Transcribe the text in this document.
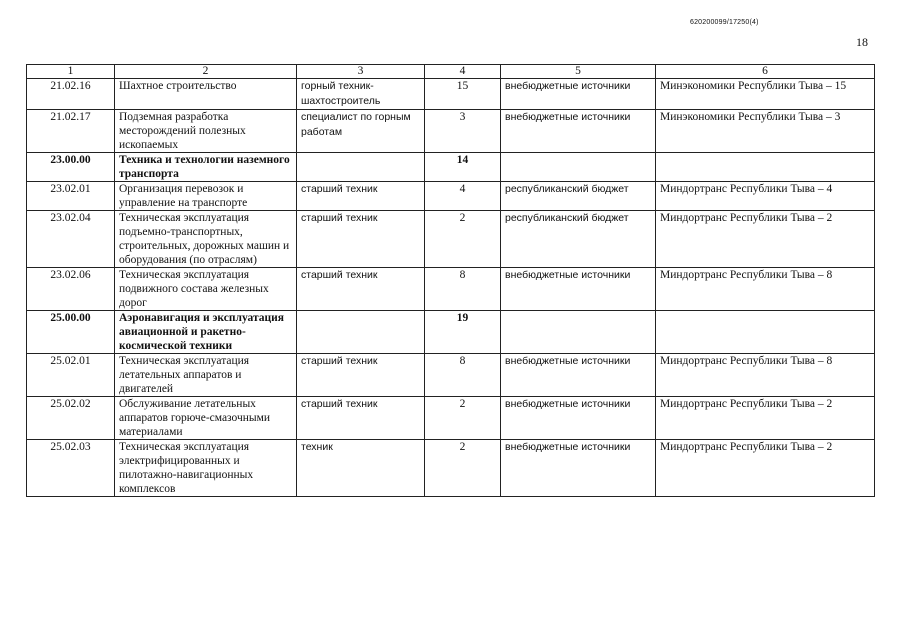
620200099/17250(4)
18
1	2	3	4	5	6
21.02.16	Шахтное строительство	горный техник-шахтостроитель	15	внебюджетные источники	Минэкономики Республики Тыва – 15
21.02.17	Подземная разработка месторождений полезных ископаемых	специалист по горным работам	3	внебюджетные источники	Минэкономики Республики Тыва – 3
23.00.00	Техника и технологии наземного транспорта		14		
23.02.01	Организация перевозок и управление на транспорте	старший техник	4	республиканский бюджет	Миндортранс Республики Тыва – 4
23.02.04	Техническая эксплуатация подъемно-транспортных, строительных, дорожных машин и оборудования (по отраслям)	старший техник	2	республиканский бюджет	Миндортранс Республики Тыва – 2
23.02.06	Техническая эксплуатация подвижного состава железных дорог	старший техник	8	внебюджетные источники	Миндортранс Республики Тыва – 8
25.00.00	Аэронавигация и эксплуатация авиационной и ракетно-космической техники		19		
25.02.01	Техническая эксплуатация летательных аппаратов и двигателей	старший техник	8	внебюджетные источники	Миндортранс Республики Тыва – 8
25.02.02	Обслуживание летательных аппаратов горюче-смазочными материалами	старший техник	2	внебюджетные источники	Миндортранс Республики Тыва – 2
25.02.03	Техническая эксплуатация электрифицированных и пилотажно-навигационных комплексов	техник	2	внебюджетные источники	Миндортранс Республики Тыва – 2
